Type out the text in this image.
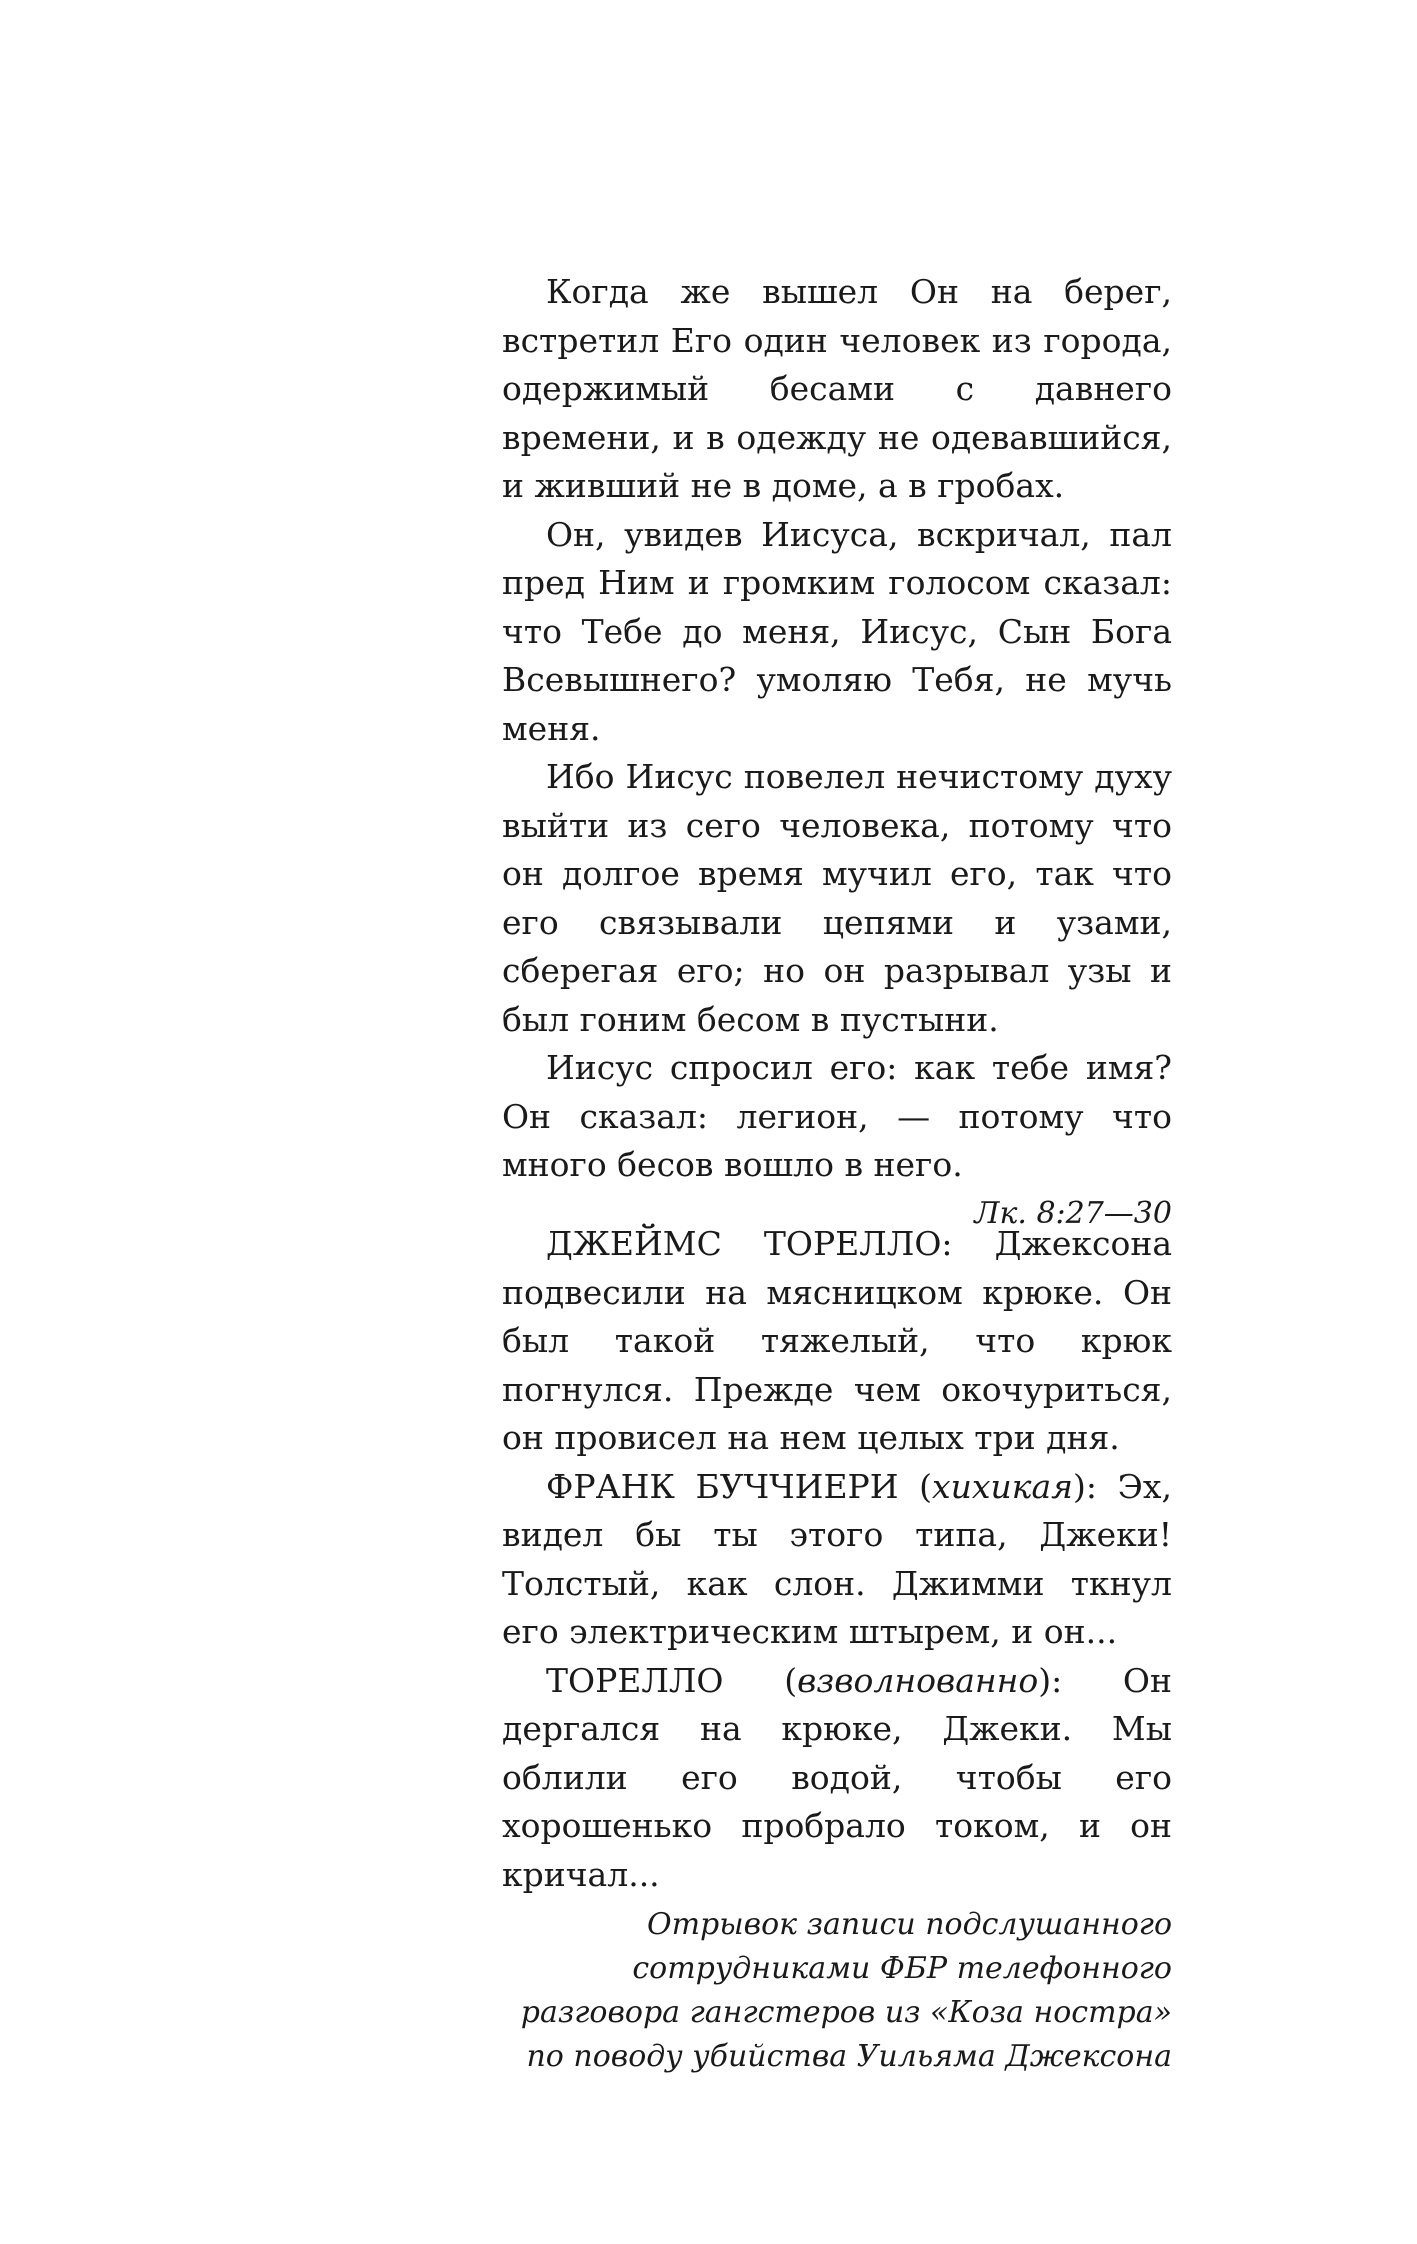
Когда же вышел Он на берег, встретил Его один человек из города, одержимый бесами с давнего времени, и в одежду не одевавшийся, и живший не в доме, а в гробах.

Он, увидев Иисуса, вскричал, пал пред Ним и громким голосом сказал: что Тебе до меня, Иисус, Сын Бога Всевышнего? умоляю Тебя, не мучь меня.

Ибо Иисус повелел нечистому духу выйти из сего человека, потому что он долгое время мучил его, так что его связывали цепями и узами, сберегая его; но он разрывал узы и был гоним бесом в пустыни.

Иисус спросил его: как тебе имя? Он сказал: легион, — потому что много бесов вошло в него.

Лк. 8:27—30

ДЖЕЙМС ТОРЕЛЛО: Джексона подвесили на мясницком крюке. Он был такой тяжелый, что крюк погнулся. Прежде чем окочуриться, он провисел на нем целых три дня.

ФРАНК БУЧЧИЕРИ (хихикая): Эх, видел бы ты этого типа, Джеки! Толстый, как слон. Джимми ткнул его электрическим штырем, и он...

ТОРЕЛЛО (взволнованно): Он дергался на крюке, Джеки. Мы облили его водой, чтобы его хорошенько пробрало током, и он кричал...

Отрывок записи подслушанного
сотрудниками ФБР телефонного
разговора гангстеров из «Коза ностра»
по поводу убийства Уильяма Джексона
